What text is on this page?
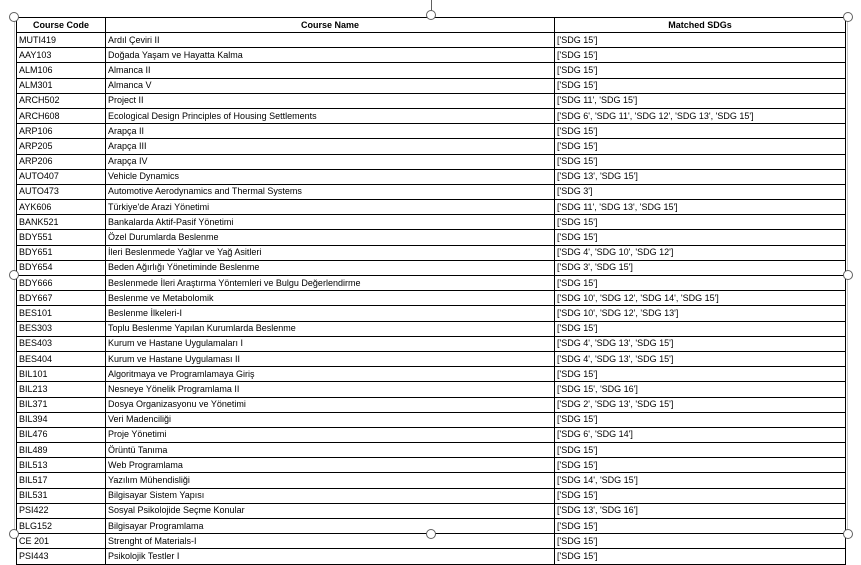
Course Code	Course Name	Matched SDGs
MUTI419	Ardıl Çeviri II	['SDG 15']
AAY103	Doğada Yaşam ve Hayatta Kalma	['SDG 15']
ALM106	Almanca II	['SDG 15']
ALM301	Almanca V	['SDG 15']
ARCH502	Project II	['SDG 11', 'SDG 15']
ARCH608	Ecological Design Principles of Housing Settlements	['SDG 6', 'SDG 11', 'SDG 12', 'SDG 13', 'SDG 15']
ARP106	Arapça II	['SDG 15']
ARP205	Arapça III	['SDG 15']
ARP206	Arapça IV	['SDG 15']
AUTO407	Vehicle Dynamics	['SDG 13', 'SDG 15']
AUTO473	Automotive Aerodynamics and Thermal Systems	['SDG 3']
AYK606	Türkiye'de Arazi Yönetimi	['SDG 11', 'SDG 13', 'SDG 15']
BANK521	Bankalarda Aktif-Pasif Yönetimi	['SDG 15']
BDY551	Özel Durumlarda Beslenme	['SDG 15']
BDY651	İleri Beslenmede Yağlar ve Yağ Asitleri	['SDG 4', 'SDG 10', 'SDG 12']
BDY654	Beden Ağırlığı Yönetiminde Beslenme	['SDG 3', 'SDG 15']
BDY666	Beslenmede İleri Araştırma Yöntemleri ve Bulgu Değerlendirme	['SDG 15']
BDY667	Beslenme ve Metabolomik	['SDG 10', 'SDG 12', 'SDG 14', 'SDG 15']
BES101	Beslenme İlkeleri-I	['SDG 10', 'SDG 12', 'SDG 13']
BES303	Toplu Beslenme Yapılan Kurumlarda Beslenme	['SDG 15']
BES403	Kurum ve Hastane Uygulamaları I	['SDG 4', 'SDG 13', 'SDG 15']
BES404	Kurum ve Hastane Uygulaması II	['SDG 4', 'SDG 13', 'SDG 15']
BIL101	Algoritmaya ve Programlamaya Giriş	['SDG 15']
BIL213	Nesneye Yönelik Programlama II	['SDG 15', 'SDG 16']
BIL371	Dosya Organizasyonu ve Yönetimi	['SDG 2', 'SDG 13', 'SDG 15']
BIL394	Veri Madenciliği	['SDG 15']
BIL476	Proje Yönetimi	['SDG 6', 'SDG 14']
BIL489	Örüntü Tanıma	['SDG 15']
BIL513	Web Programlama	['SDG 15']
BIL517	Yazılım Mühendisliği	['SDG 14', 'SDG 15']
BIL531	Bilgisayar Sistem Yapısı	['SDG 15']
PSI422	Sosyal Psikolojide Seçme Konular	['SDG 13', 'SDG 16']
BLG152	Bilgisayar Programlama	['SDG 15']
CE 201	Strenght of Materials-I	['SDG 15']
PSI443	Psikolojik Testler I	['SDG 15']
